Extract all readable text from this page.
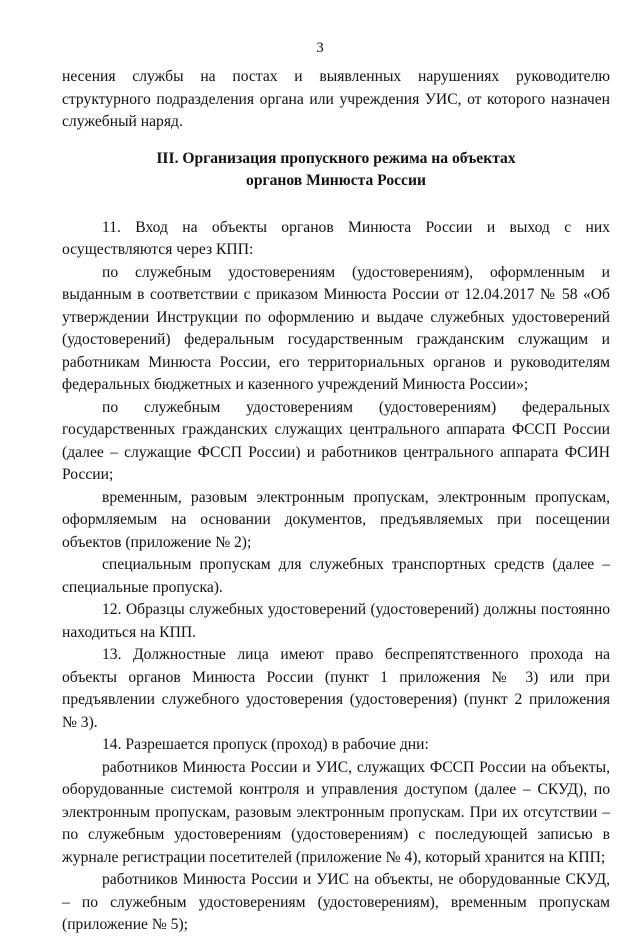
3

несения службы на постах и выявленных нарушениях руководителю структурного подразделения органа или учреждения УИС, от которого назначен служебный наряд.

III. Организация пропускного режима на объектах
органов Минюста России

11. Вход на объекты органов Минюста России и выход с них осуществляются через КПП:

по служебным удостоверениям (удостоверениям), оформленным и выданным в соответствии с приказом Минюста России от 12.04.2017 № 58 «Об утверждении Инструкции по оформлению и выдаче служебных удостоверений (удостоверений) федеральным государственным гражданским служащим и работникам Минюста России, его территориальных органов и руководителям федеральных бюджетных и казенного учреждений Минюста России»;

по служебным удостоверениям (удостоверениям) федеральных государственных гражданских служащих центрального аппарата ФССП России (далее – служащие ФССП России) и работников центрального аппарата ФСИН России;

временным, разовым электронным пропускам, электронным пропускам, оформляемым на основании документов, предъявляемых при посещении объектов (приложение № 2);

специальным пропускам для служебных транспортных средств (далее – специальные пропуска).

12. Образцы служебных удостоверений (удостоверений) должны постоянно находиться на КПП.

13. Должностные лица имеют право беспрепятственного прохода на объекты органов Минюста России (пункт 1 приложения № 3) или при предъявлении служебного удостоверения (удостоверения) (пункт 2 приложения № 3).

14. Разрешается пропуск (проход) в рабочие дни:

работников Минюста России и УИС, служащих ФССП России на объекты, оборудованные системой контроля и управления доступом (далее – СКУД), по электронным пропускам, разовым электронным пропускам. При их отсутствии – по служебным удостоверениям (удостоверениям) с последующей записью в журнале регистрации посетителей (приложение № 4), который хранится на КПП;

работников Минюста России и УИС на объекты, не оборудованные СКУД, – по служебным удостоверениям (удостоверениям), временным пропускам (приложение № 5);
